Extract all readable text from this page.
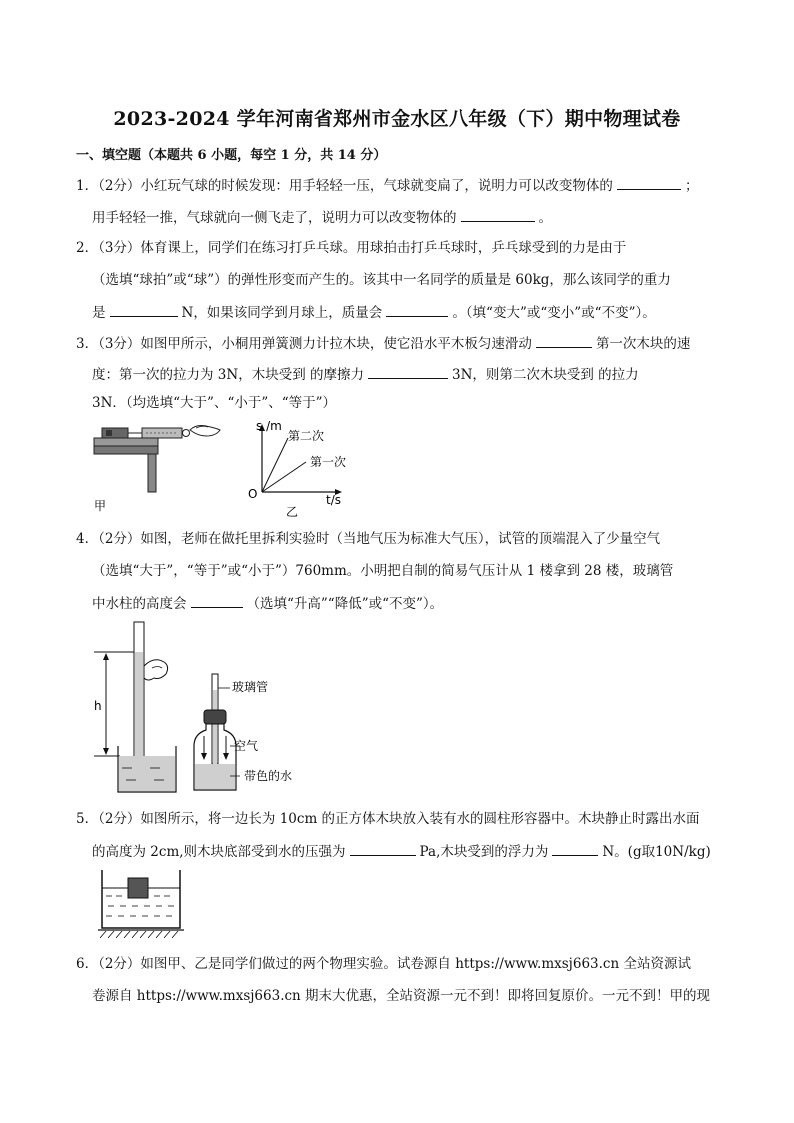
2023-2024 学年河南省郑州市金水区八年级（下）期中物理试卷
一、填空题（本题共 6 小题，每空 1 分，共 14 分）
1．（2分）小红玩气球的时候发现：用手轻轻一压，气球就变扁了，说明力可以改变物体的	；
用手轻轻一推，气球就向一侧飞走了，说明力可以改变物体的	。
2．（3分）体育课上，同学们在练习打乒乓球。用球拍击打乒乓球时，乒乓球受到的力是由于
（选填“球拍”或“球”）的弹性形变而产生的。该其中一名同学的质量是 60kg，那么该同学的重力
是	N，如果该同学到月球上，质量会	。（填“变大”或“变小”或“不变”）。
3．（3分）如图甲所示，小桐用弹簧测力计拉木块，使它沿水平木板匀速滑动	第一次木块的速
度：第一次的拉力为 3N，木块受到 的摩擦力	3N，则第二次木块受到 的拉力
3N．（均选填“大于”、“小于”、“等于”）
甲
s /m
t/s
O
第二次
第一次
乙
4．（2分）如图，老师在做托里拆利实验时（当地气压为标准大气压），试管的顶端混入了少量空气
（选填“大于”，“等于”或“小于”）760mm。小明把自制的简易气压计从 1 楼拿到 28 楼，玻璃管
中水柱的高度会	（选填“升高”“降低”或“不变”）。
h
玻璃管
空气
带色的水
5．（2分）如图所示，将一边长为 10cm 的正方体木块放入装有水的圆柱形容器中。木块静止时露出水面
的高度为 2cm,则木块底部受到水的压强为	Pa,木块受到的浮力为	N。(g取10N/kg)
6．（2分）如图甲、乙是同学们做过的两个物理实验。试卷源自 https://www.mxsj663.cn 全站资源试
卷源自 https://www.mxsj663.cn 期末大优惠，全站资源一元不到！即将回复原价。一元不到！甲的现
